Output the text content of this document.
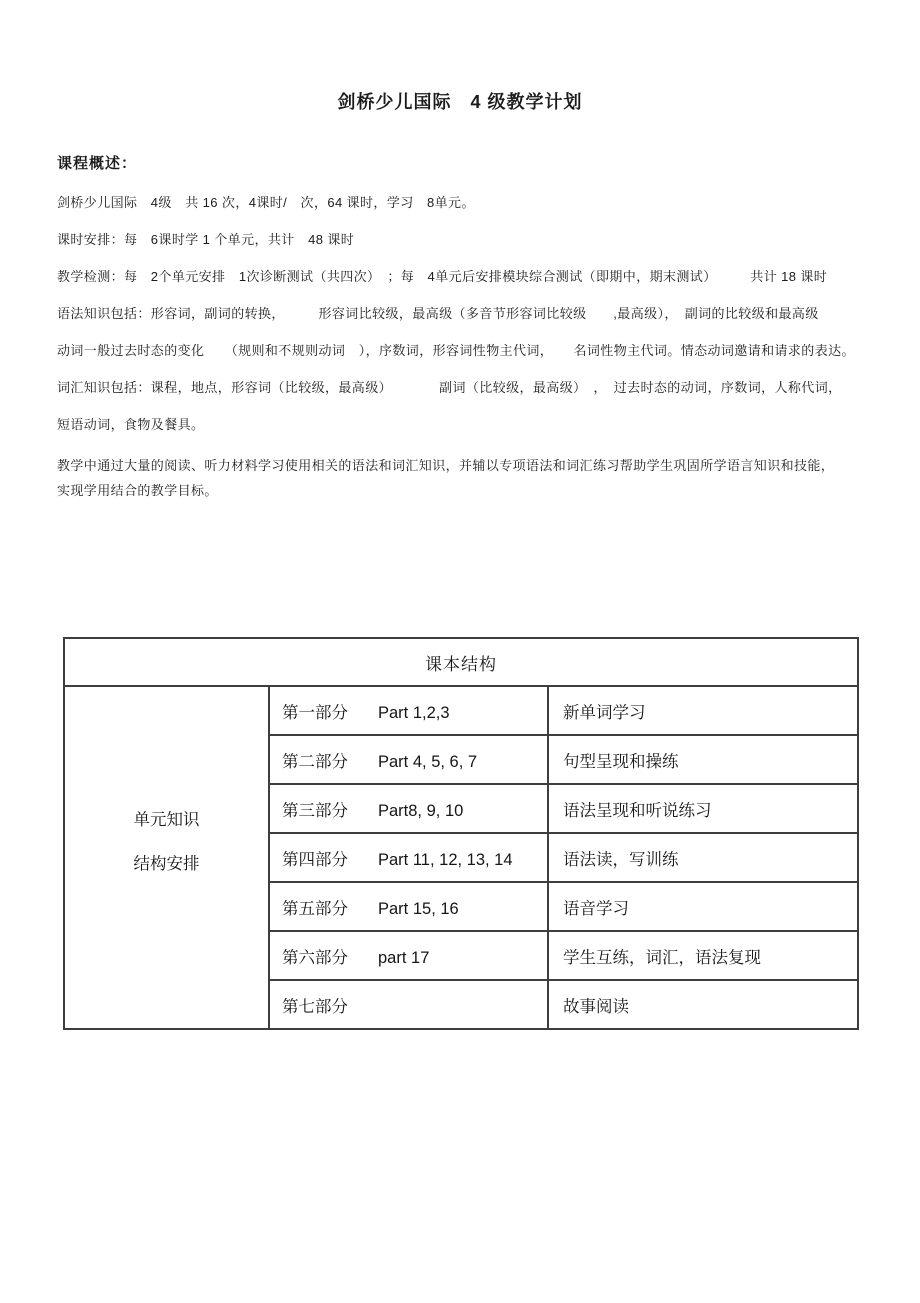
剑桥少儿国际　4 级教学计划
课程概述：

剑桥少儿国际　4级　共 16 次，4课时/　次，64 课时，学习　8单元。

课时安排：每　6课时学 1 个单元，共计　48 课时

教学检测：每　2个单元安排　1次诊断测试（共四次）　；每　4单元后安排模块综合测试（即期中，期末测试）　　　共计 18 课时

语法知识包括：形容词，副词的转换，　　　形容词比较级，最高级（多音节形容词比较级　　,最高级），　副词的比较级和最高级

动词一般过去时态的变化　　（规则和不规则动词　），序数词，形容词性物主代词，　　名词性物主代词。情态动词邀请和请求的表达。

词汇知识包括：课程，地点，形容词（比较级，最高级）　　　　副词（比较级，最高级）　，　过去时态的动词，序数词，人称代词，

短语动词，食物及餐具。

教学中通过大量的阅读、听力材料学习使用相关的语法和词汇知识，并辅以专项语法和词汇练习帮助学生巩固所学语言知识和技能，
实现学用结合的教学目标。

课本结构		

单元知识
结构安排	第一部分 Part 1,2,3	新单词学习
	第二部分 Part 4, 5, 6, 7	句型呈现和操练
	第三部分 Part8, 9, 10	语法呈现和听说练习
	第四部分 Part 11, 12, 13, 14	语法读，写训练
	第五部分 Part 15, 16	语音学习
	第六部分 part 17	学生互练，词汇，语法复现
	第七部分	故事阅读
